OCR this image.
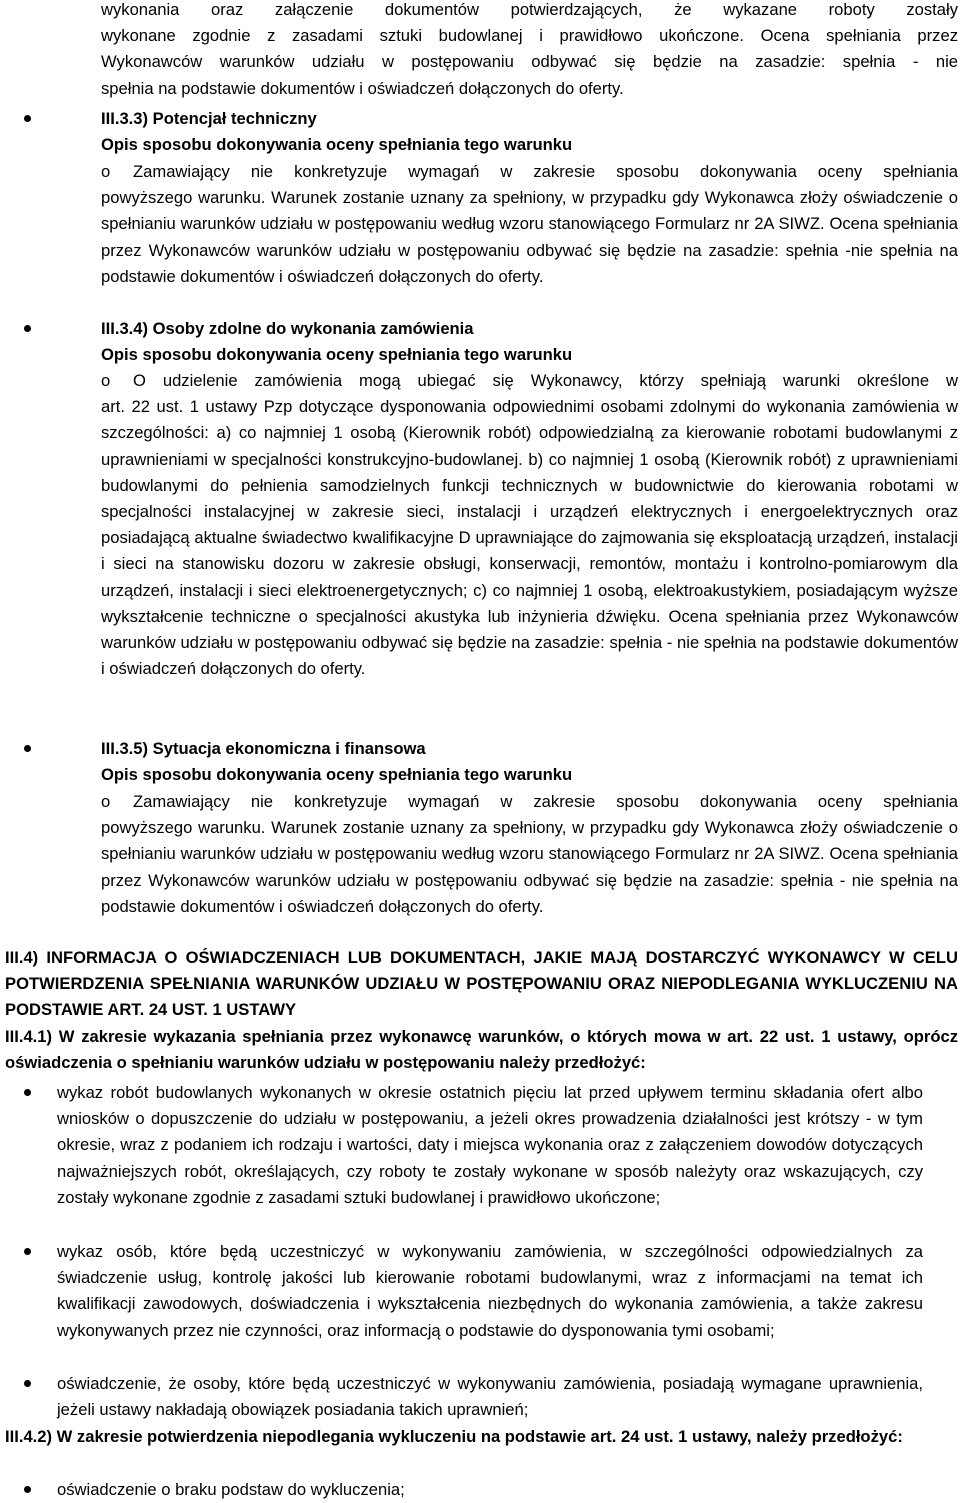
wykonania oraz załączenie dokumentów potwierdzających, że wykazane roboty zostały

wykonane zgodnie z zasadami sztuki budowlanej i prawidłowo ukończone. Ocena spełniania przez

Wykonawców warunków udziału w postępowaniu odbywać się będzie na zasadzie: spełnia - nie

spełnia na podstawie dokumentów i oświadczeń dołączonych do oferty.

III.3.3) Potencjał techniczny
Opis sposobu dokonywania oceny spełniania tego warunku
o	Zamawiający nie konkretyzuje wymagań w zakresie sposobu dokonywania oceny spełniania

powyższego warunku. Warunek zostanie uznany za spełniony, w przypadku gdy Wykonawca złoży oświadczenie o spełnianiu warunków udziału w postępowaniu według wzoru stanowiącego Formularz nr 2A SIWZ. Ocena spełniania przez Wykonawców warunków udziału w postępowaniu odbywać się będzie na zasadzie: spełnia -nie spełnia na podstawie dokumentów i oświadczeń dołączonych do oferty.

III.3.4) Osoby zdolne do wykonania zamówienia
Opis sposobu dokonywania oceny spełniania tego warunku
o	O udzielenie zamówienia mogą ubiegać się Wykonawcy, którzy spełniają warunki określone w

art. 22 ust. 1 ustawy Pzp dotyczące dysponowania odpowiednimi osobami zdolnymi do wykonania zamówienia w szczególności: a) co najmniej 1 osobą (Kierownik robót) odpowiedzialną za kierowanie robotami budowlanymi z uprawnieniami w specjalności konstrukcyjno-budowlanej. b) co najmniej 1 osobą (Kierownik robót) z uprawnieniami budowlanymi do pełnienia samodzielnych funkcji technicznych w budownictwie do kierowania robotami w specjalności instalacyjnej w zakresie sieci, instalacji i urządzeń elektrycznych i energoelektrycznych oraz posiadającą aktualne świadectwo kwalifikacyjne D uprawniające do zajmowania się eksploatacją urządzeń, instalacji i sieci na stanowisku dozoru w zakresie obsługi, konserwacji, remontów, montażu i kontrolno-pomiarowym dla urządzeń, instalacji i sieci elektroenergetycznych; c) co najmniej 1 osobą, elektroakustykiem, posiadającym wyższe wykształcenie techniczne o specjalności akustyka lub inżynieria dźwięku. Ocena spełniania przez Wykonawców warunków udziału w postępowaniu odbywać się będzie na zasadzie: spełnia - nie spełnia na podstawie dokumentów i oświadczeń dołączonych do oferty.

III.3.5) Sytuacja ekonomiczna i finansowa
Opis sposobu dokonywania oceny spełniania tego warunku
o	Zamawiający nie konkretyzuje wymagań w zakresie sposobu dokonywania oceny spełniania

powyższego warunku. Warunek zostanie uznany za spełniony, w przypadku gdy Wykonawca złoży oświadczenie o spełnianiu warunków udziału w postępowaniu według wzoru stanowiącego Formularz nr 2A SIWZ. Ocena spełniania przez Wykonawców warunków udziału w postępowaniu odbywać się będzie na zasadzie: spełnia - nie spełnia na podstawie dokumentów i oświadczeń dołączonych do oferty.

III.4) INFORMACJA O OŚWIADCZENIACH LUB DOKUMENTACH, JAKIE MAJĄ DOSTARCZYĆ WYKONAWCY W CELU POTWIERDZENIA SPEŁNIANIA WARUNKÓW UDZIAŁU W POSTĘPOWANIU ORAZ NIEPODLEGANIA WYKLUCZENIU NA PODSTAWIE ART. 24 UST. 1 USTAWY
III.4.1) W zakresie wykazania spełniania przez wykonawcę warunków, o których mowa w art. 22 ust. 1 ustawy, oprócz oświadczenia o spełnianiu warunków udziału w postępowaniu należy przedłożyć:
wykaz robót budowlanych wykonanych w okresie ostatnich pięciu lat przed upływem terminu składania ofert albo wniosków o dopuszczenie do udziału w postępowaniu, a jeżeli okres prowadzenia działalności jest krótszy - w tym okresie, wraz z podaniem ich rodzaju i wartości, daty i miejsca wykonania oraz z załączeniem dowodów dotyczących najważniejszych robót, określających, czy roboty te zostały wykonane w sposób należyty oraz wskazujących, czy zostały wykonane zgodnie z zasadami sztuki budowlanej i prawidłowo ukończone;
wykaz osób, które będą uczestniczyć w wykonywaniu zamówienia, w szczególności odpowiedzialnych za świadczenie usług, kontrolę jakości lub kierowanie robotami budowlanymi, wraz z informacjami na temat ich kwalifikacji zawodowych, doświadczenia i wykształcenia niezbędnych do wykonania zamówienia, a także zakresu wykonywanych przez nie czynności, oraz informacją o podstawie do dysponowania tymi osobami;
oświadczenie, że osoby, które będą uczestniczyć w wykonywaniu zamówienia, posiadają wymagane uprawnienia, jeżeli ustawy nakładają obowiązek posiadania takich uprawnień;
III.4.2) W zakresie potwierdzenia niepodlegania wykluczeniu na podstawie art. 24 ust. 1 ustawy, należy przedłożyć:
oświadczenie o braku podstaw do wykluczenia;
